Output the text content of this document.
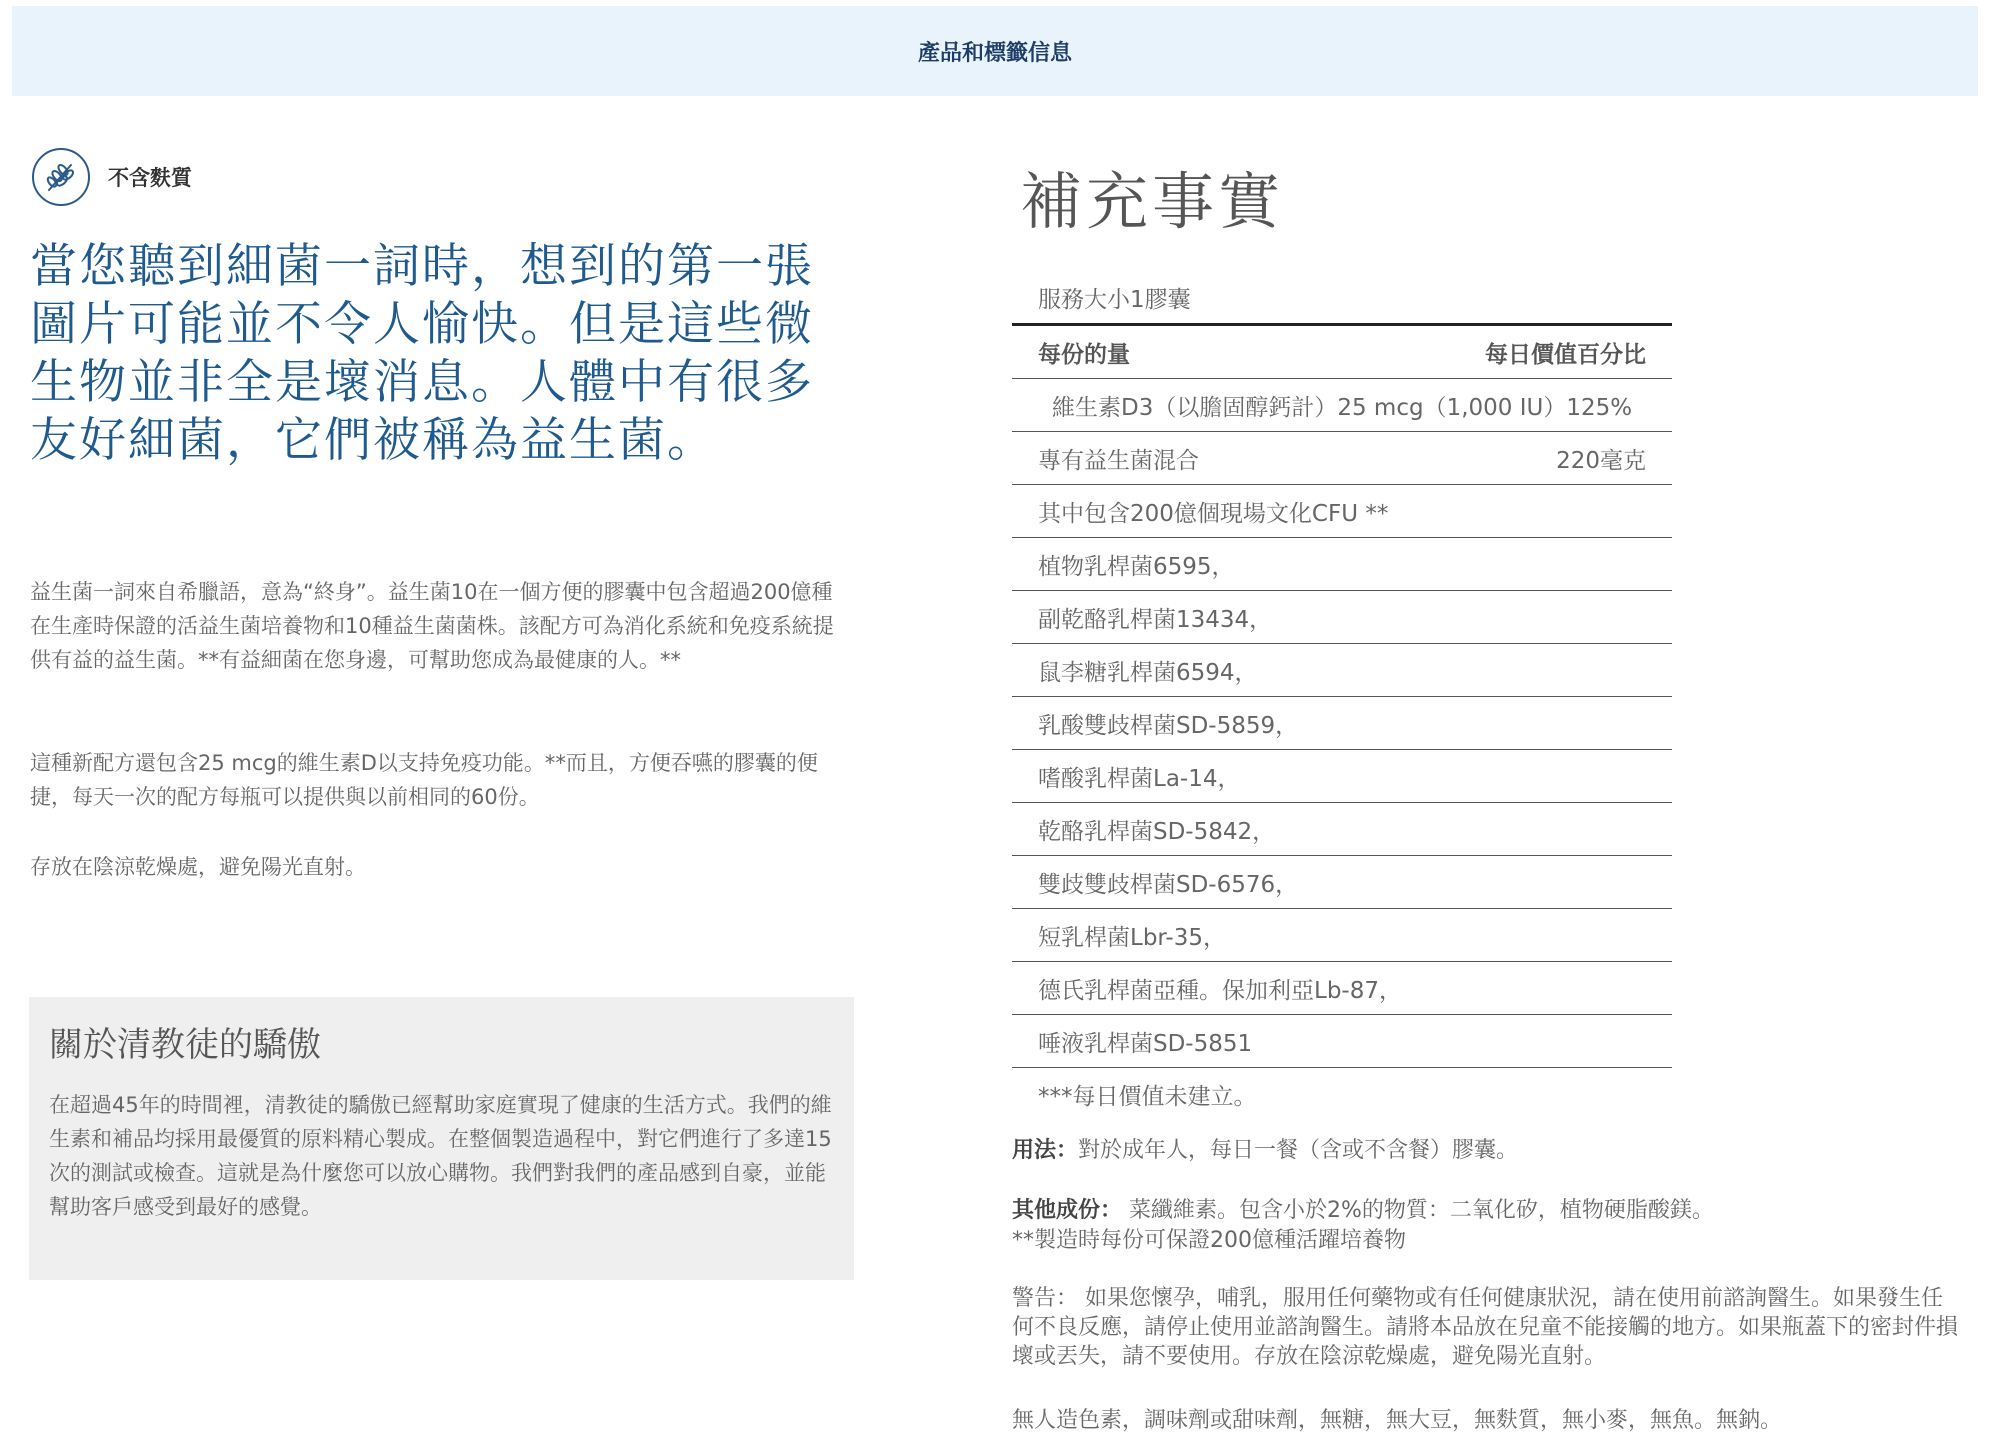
產品和標籤信息
不含麩質
當您聽到細菌一詞時，想到的第一張圖片可能並不令人愉快。但是這些微生物並非全是壞消息。人體中有很多友好細菌，它們被稱為益生菌。

益生菌一詞來自希臘語，意為“終身”。益生菌10在一個方便的膠囊中包含超過200億種在生產時保證的活益生菌培養物和10種益生菌菌株。該配方可為消化系統和免疫系統提供有益的益生菌。**有益細菌在您身邊，可幫助您成為最健康的人。**

這種新配方還包含25 mcg的維生素D以支持免疫功能。**而且，方便吞嚥的膠囊的便捷，每天一次的配方每瓶可以提供與以前相同的60份。

存放在陰涼乾燥處，避免陽光直射。

關於清教徒的驕傲

在超過45年的時間裡，清教徒的驕傲已經幫助家庭實現了健康的生活方式。我們的維生素和補品均採用最優質的原料精心製成。在整個製造過程中，對它們進行了多達15次的測試或檢查。這就是為什麼您可以放心購物。我們對我們的產品感到自豪，並能幫助客戶感受到最好的感覺。

補充事實
服務大小1膠囊
每份的量	每日價值百分比
維生素D3（以膽固醇鈣計）25 mcg（1,000 IU）125%
專有益生菌混合	220毫克
其中包含200億個現場文化CFU **
植物乳桿菌6595，
副乾酪乳桿菌13434，
鼠李糖乳桿菌6594，
乳酸雙歧桿菌SD-5859，
嗜酸乳桿菌La-14，
乾酪乳桿菌SD-5842，
雙歧雙歧桿菌SD-6576，
短乳桿菌Lbr-35，
德氏乳桿菌亞種。保加利亞Lb-87，
唾液乳桿菌SD-5851
***每日價值未建立。
用法：對於成年人，每日一餐（含或不含餐）膠囊。
其他成份： 菜纖維素。包含小於2%的物質：二氧化矽，植物硬脂酸鎂。
**製造時每份可保證200億種活躍培養物

警告： 如果您懷孕，哺乳，服用任何藥物或有任何健康狀況，請在使用前諮詢醫生。如果發生任何不良反應，請停止使用並諮詢醫生。請將本品放在兒童不能接觸的地方。如果瓶蓋下的密封件損壞或丟失，請不要使用。存放在陰涼乾燥處，避免陽光直射。

無人造色素，調味劑或甜味劑，無糖，無大豆，無麩質，無小麥，無魚。無鈉。
